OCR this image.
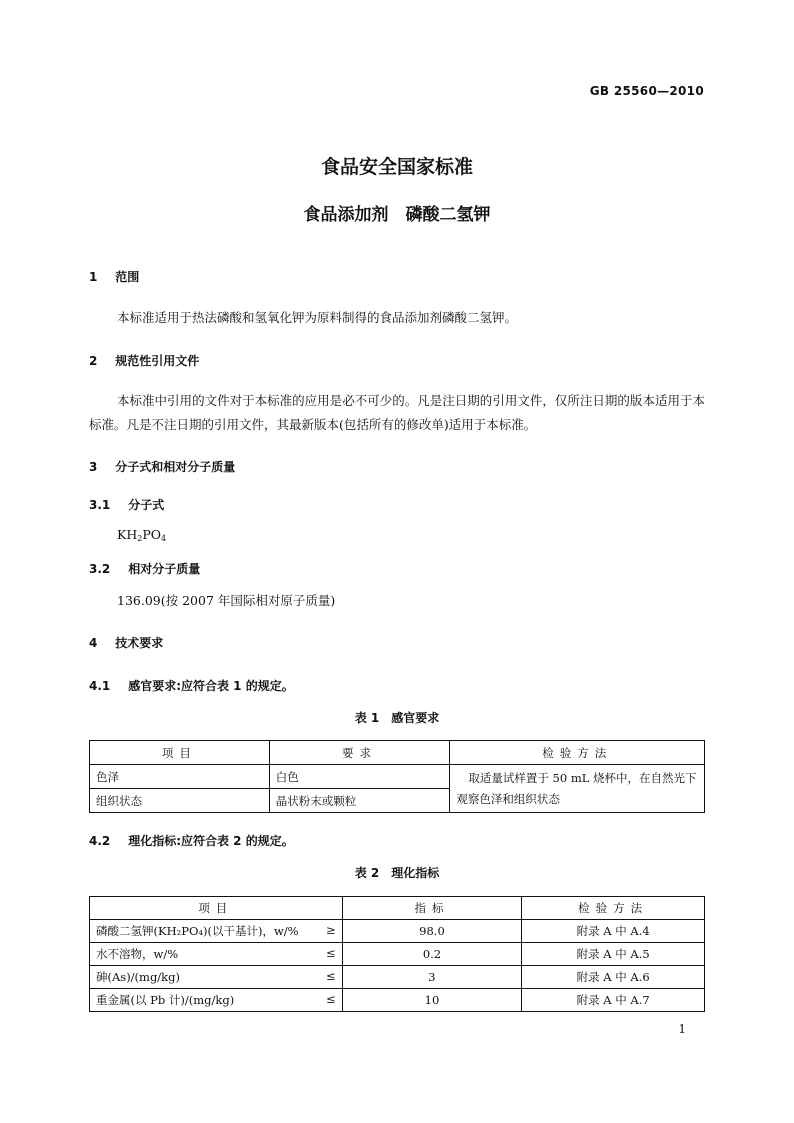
GB 25560—2010
食品安全国家标准
食品添加剂　磷酸二氢钾
1 范围
本标准适用于热法磷酸和氢氧化钾为原料制得的食品添加剂磷酸二氢钾。
2 规范性引用文件
本标准中引用的文件对于本标准的应用是必不可少的。凡是注日期的引用文件，仅所注日期的版本适用于本标准。凡是不注日期的引用文件，其最新版本(包括所有的修改单)适用于本标准。
3 分子式和相对分子质量
3.1 分子式
$KH_2PO_4$
3.2 相对分子质量
136.09(按 2007 年国际相对原子质量)
4 技术要求
4.1 感官要求:应符合表 1 的规定。
表 1　感官要求
项目	要求	检验方法
色泽	白色	取适量试样置于 50 mL 烧杯中，在自然光下观察色泽和组织状态
组织状态	晶状粉末或颗粒	
4.2 理化指标:应符合表 2 的规定。
表 2　理化指标
项目	指标	检验方法
磷酸二氢钾(KH₂PO₄)(以干基计)，w/% ≥	98.0	附录 A 中 A.4
水不溶物，w/% ≤	0.2	附录 A 中 A.5
砷(As)/(mg/kg) ≤	3	附录 A 中 A.6
重金属(以 Pb 计)/(mg/kg) ≤	10	附录 A 中 A.7
1
